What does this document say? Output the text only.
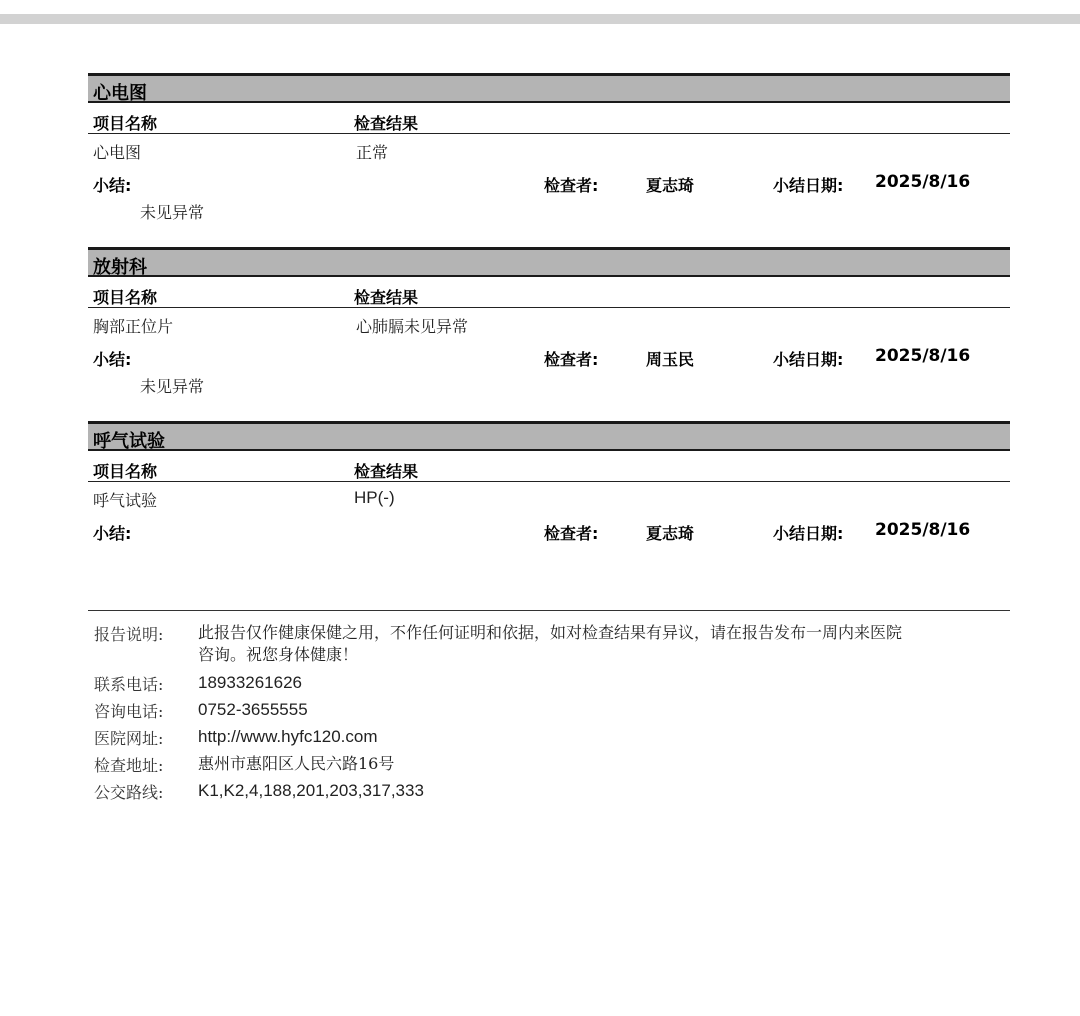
心电图
项目名称	检查结果
心电图	正常
小结:	检查者:	夏志琦	小结日期: 2025/8/16
未见异常
放射科
项目名称	检查结果
胸部正位片	心肺膈未见异常
小结:	检查者:	周玉民	小结日期: 2025/8/16
未见异常
呼气试验
项目名称	检查结果
呼气试验	HP(-)
小结:	检查者:	夏志琦	小结日期: 2025/8/16
报告说明:	此报告仅作健康保健之用，不作任何证明和依据，如对检查结果有异议，请在报告发布一周内来医院
咨询。祝您身体健康！
联系电话:	18933261626
咨询电话:	0752-3655555
医院网址:	http://www.hyfc120.com
检查地址:	惠州市惠阳区人民六路16号
公交路线:	K1,K2,4,188,201,203,317,333
